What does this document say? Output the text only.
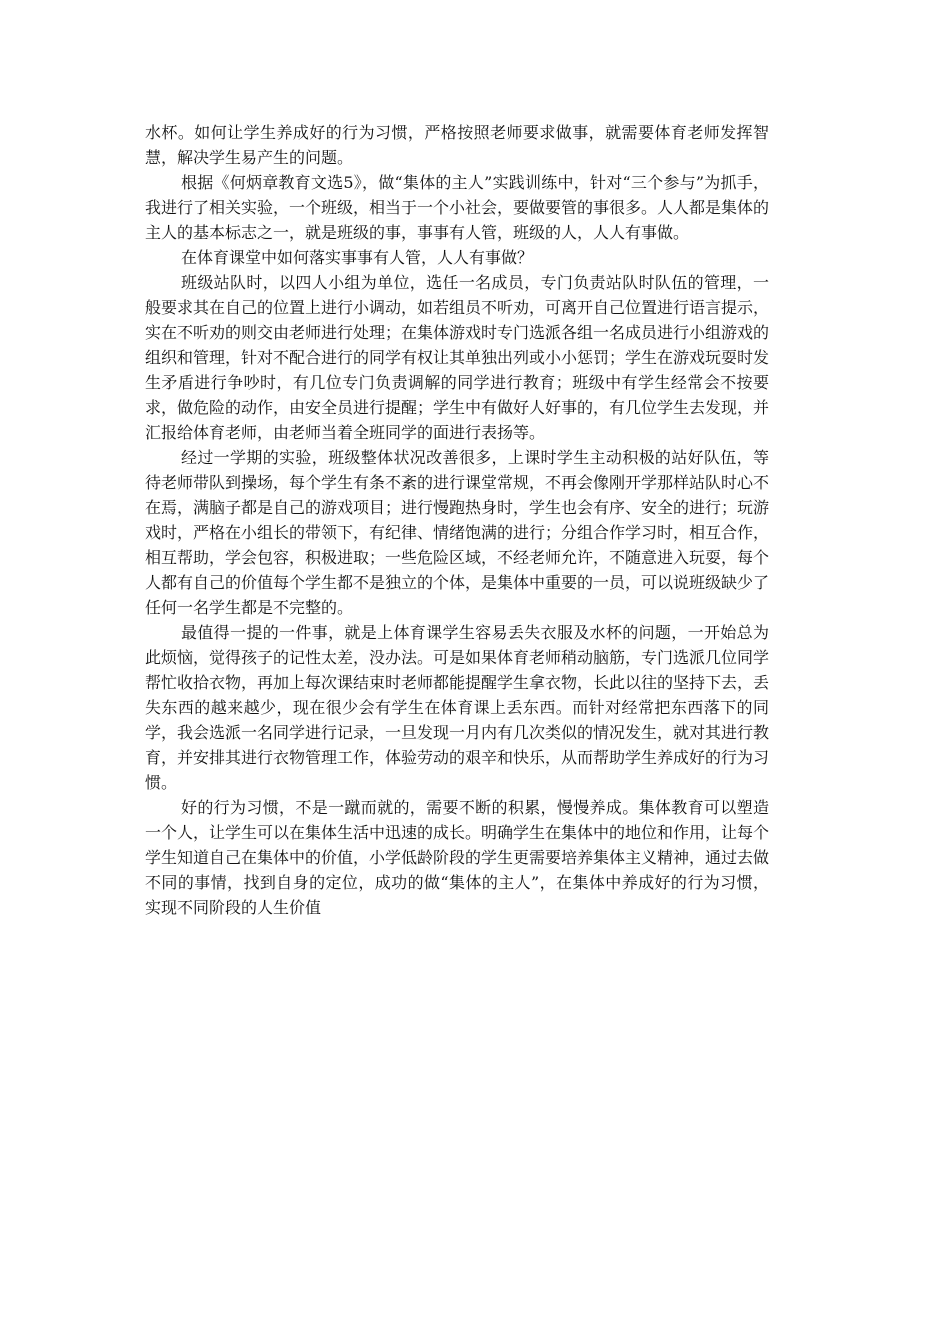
水杯。如何让学生养成好的行为习惯，严格按照老师要求做事，就需要体育老师发挥智慧，解决学生易产生的问题。

根据《何炳章教育文选5》，做“集体的主人”实践训练中，针对“三个参与”为抓手，我进行了相关实验，一个班级，相当于一个小社会，要做要管的事很多。人人都是集体的主人的基本标志之一，就是班级的事，事事有人管，班级的人，人人有事做。

在体育课堂中如何落实事事有人管，人人有事做？

班级站队时，以四人小组为单位，选任一名成员，专门负责站队时队伍的管理，一般要求其在自己的位置上进行小调动，如若组员不听劝，可离开自己位置进行语言提示，实在不听劝的则交由老师进行处理；在集体游戏时专门选派各组一名成员进行小组游戏的组织和管理，针对不配合进行的同学有权让其单独出列或小小惩罚；学生在游戏玩耍时发生矛盾进行争吵时，有几位专门负责调解的同学进行教育；班级中有学生经常会不按要求，做危险的动作，由安全员进行提醒；学生中有做好人好事的，有几位学生去发现，并汇报给体育老师，由老师当着全班同学的面进行表扬等。

经过一学期的实验，班级整体状况改善很多，上课时学生主动积极的站好队伍，等待老师带队到操场，每个学生有条不紊的进行课堂常规，不再会像刚开学那样站队时心不在焉，满脑子都是自己的游戏项目；进行慢跑热身时，学生也会有序、安全的进行；玩游戏时，严格在小组长的带领下，有纪律、情绪饱满的进行；分组合作学习时，相互合作，相互帮助，学会包容，积极进取；一些危险区域，不经老师允许，不随意进入玩耍，每个人都有自己的价值每个学生都不是独立的个体，是集体中重要的一员，可以说班级缺少了任何一名学生都是不完整的。

最值得一提的一件事，就是上体育课学生容易丢失衣服及水杯的问题，一开始总为此烦恼，觉得孩子的记性太差，没办法。可是如果体育老师稍动脑筋，专门选派几位同学帮忙收拾衣物，再加上每次课结束时老师都能提醒学生拿衣物，长此以往的坚持下去，丢失东西的越来越少，现在很少会有学生在体育课上丢东西。而针对经常把东西落下的同学，我会选派一名同学进行记录，一旦发现一月内有几次类似的情况发生，就对其进行教育，并安排其进行衣物管理工作，体验劳动的艰辛和快乐，从而帮助学生养成好的行为习惯。

好的行为习惯，不是一蹴而就的，需要不断的积累，慢慢养成。集体教育可以塑造一个人，让学生可以在集体生活中迅速的成长。明确学生在集体中的地位和作用，让每个学生知道自己在集体中的价值，小学低龄阶段的学生更需要培养集体主义精神，通过去做不同的事情，找到自身的定位，成功的做“集体的主人”，在集体中养成好的行为习惯，实现不同阶段的人生价值
